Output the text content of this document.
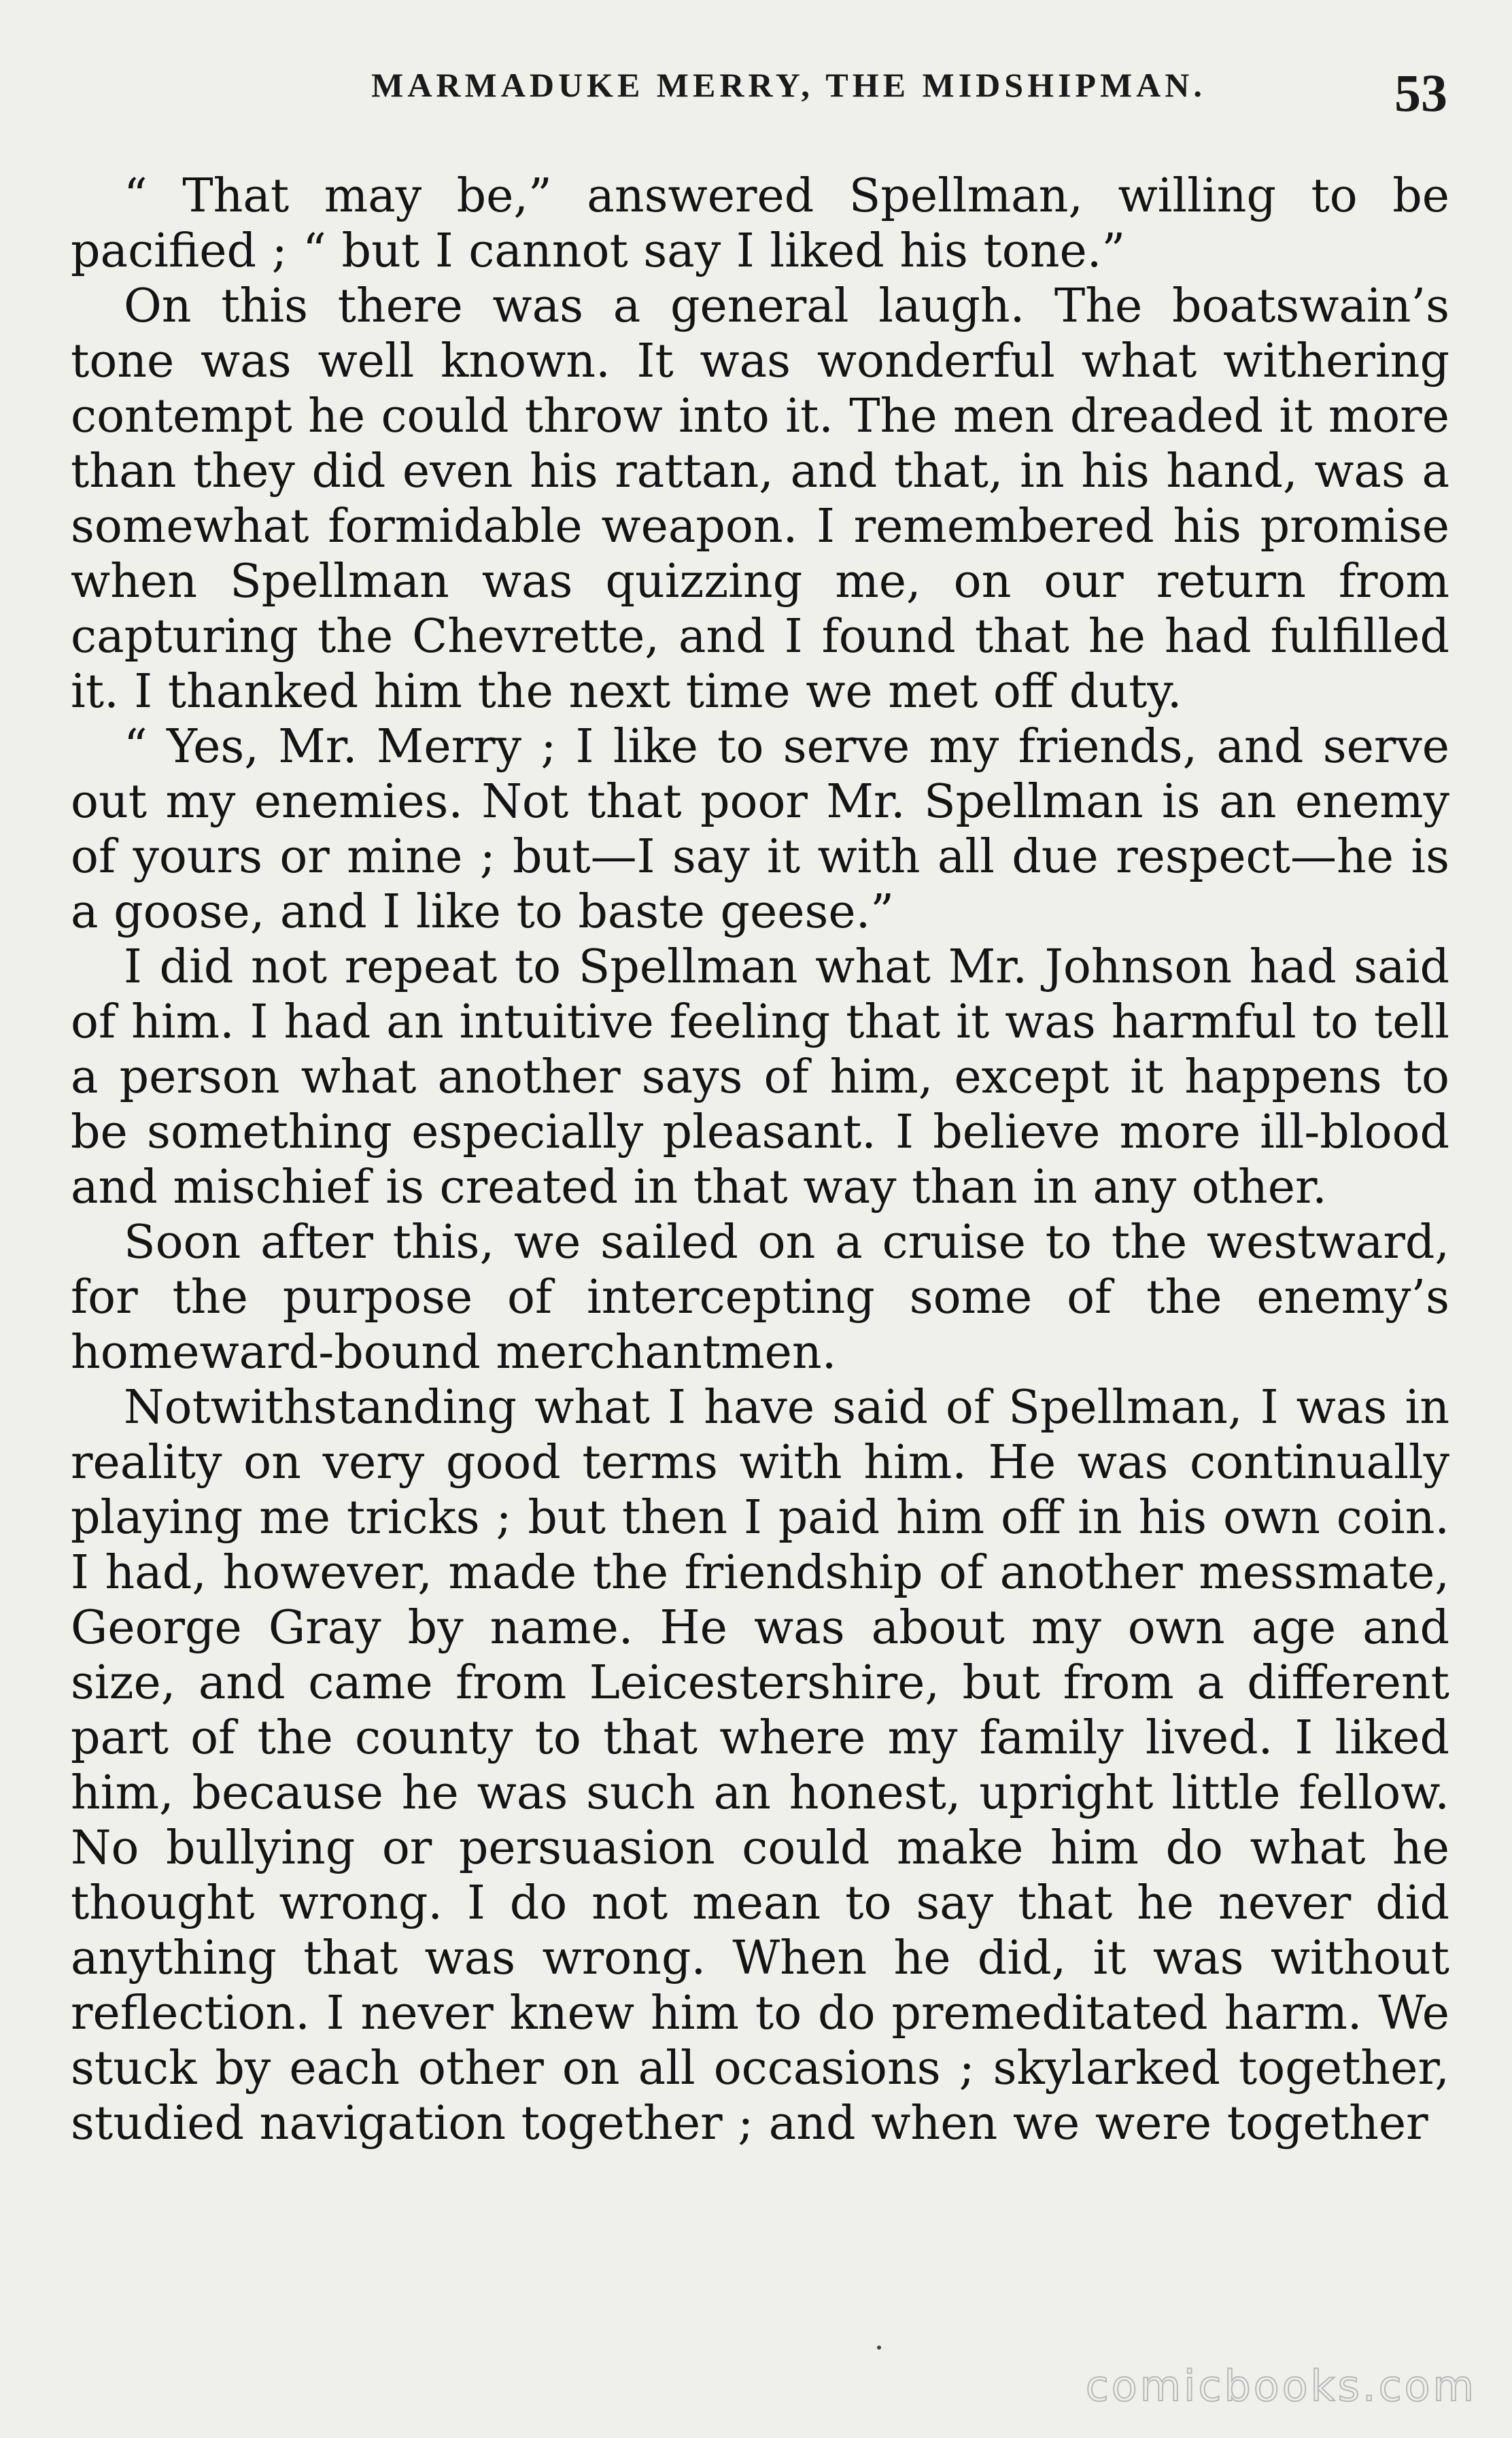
MARMADUKE MERRY, THE MIDSHIPMAN.	53

“ That may be,” answered Spellman, willing to be pacified ; “ but I cannot say I liked his tone.”

On this there was a general laugh. The boatswain’s tone was well known. It was wonderful what withering contempt he could throw into it. The men dreaded it more than they did even his rattan, and that, in his hand, was a somewhat formidable weapon. I remembered his promise when Spellman was quizzing me, on our return from capturing the Chevrette, and I found that he had fulfilled it. I thanked him the next time we met off duty.

“ Yes, Mr. Merry ; I like to serve my friends, and serve out my enemies. Not that poor Mr. Spellman is an enemy of yours or mine ; but—I say it with all due respect—he is a goose, and I like to baste geese.”

I did not repeat to Spellman what Mr. Johnson had said of him. I had an intuitive feeling that it was harmful to tell a person what another says of him, except it happens to be something especially pleasant. I believe more ill-blood and mischief is created in that way than in any other.

Soon after this, we sailed on a cruise to the westward, for the purpose of intercepting some of the enemy’s homeward-bound merchantmen.

Notwithstanding what I have said of Spellman, I was in reality on very good terms with him. He was continually playing me tricks ; but then I paid him off in his own coin. I had, however, made the friendship of another messmate, George Gray by name. He was about my own age and size, and came from Leicestershire, but from a different part of the county to that where my family lived. I liked him, because he was such an honest, upright little fellow. No bullying or persuasion could make him do what he thought wrong. I do not mean to say that he never did anything that was wrong. When he did, it was without reflection. I never knew him to do premeditated harm. We stuck by each other on all occasions ; skylarked together, studied navigation together ; and when we were together

comicbooks.com
